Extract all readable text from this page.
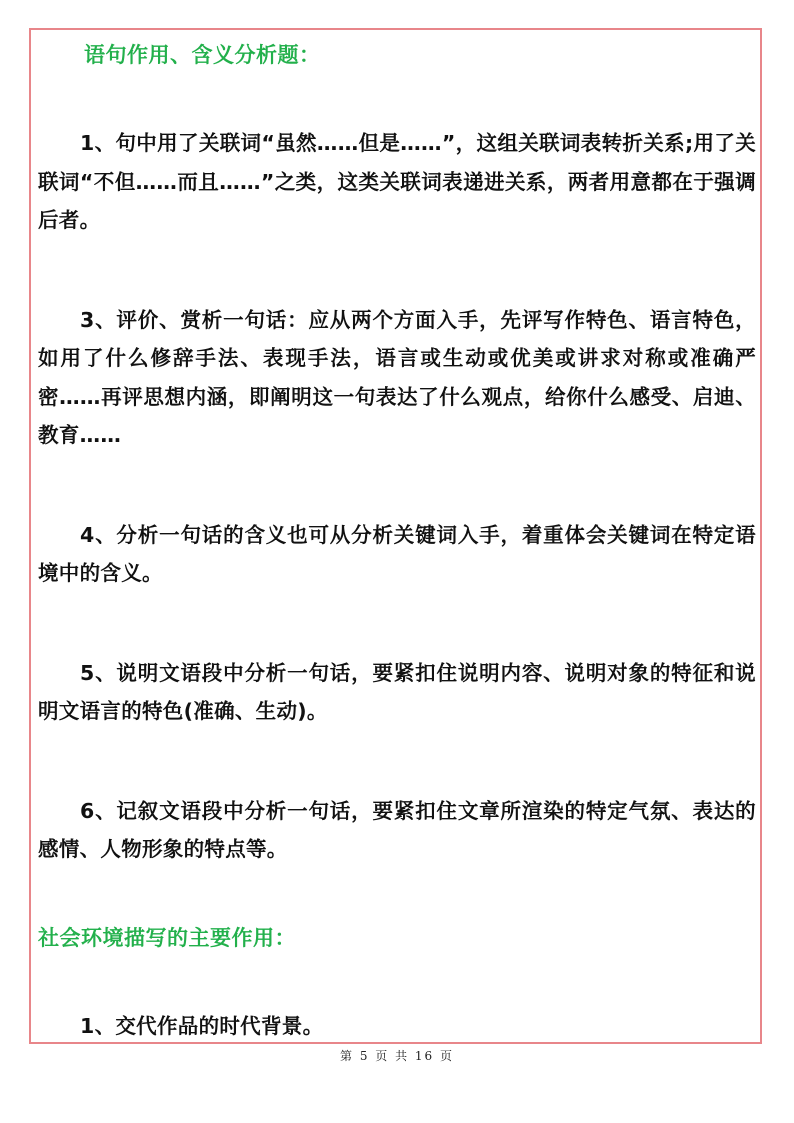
语句作用、含义分析题：

1、句中用了关联词“虽然……但是……”，这组关联词表转折关系;用了关联词“不但……而且……”之类，这类关联词表递进关系，两者用意都在于强调后者。

3、评价、赏析一句话：应从两个方面入手，先评写作特色、语言特色，如用了什么修辞手法、表现手法，语言或生动或优美或讲求对称或准确严密……再评思想内涵，即阐明这一句表达了什么观点，给你什么感受、启迪、教育……

4、分析一句话的含义也可从分析关键词入手，着重体会关键词在特定语境中的含义。

5、说明文语段中分析一句话，要紧扣住说明内容、说明对象的特征和说明文语言的特色(准确、生动)。

6、记叙文语段中分析一句话，要紧扣住文章所渲染的特定气氛、表达的感情、人物形象的特点等。

社会环境描写的主要作用：

1、交代作品的时代背景。

第 5 页 共 16 页
